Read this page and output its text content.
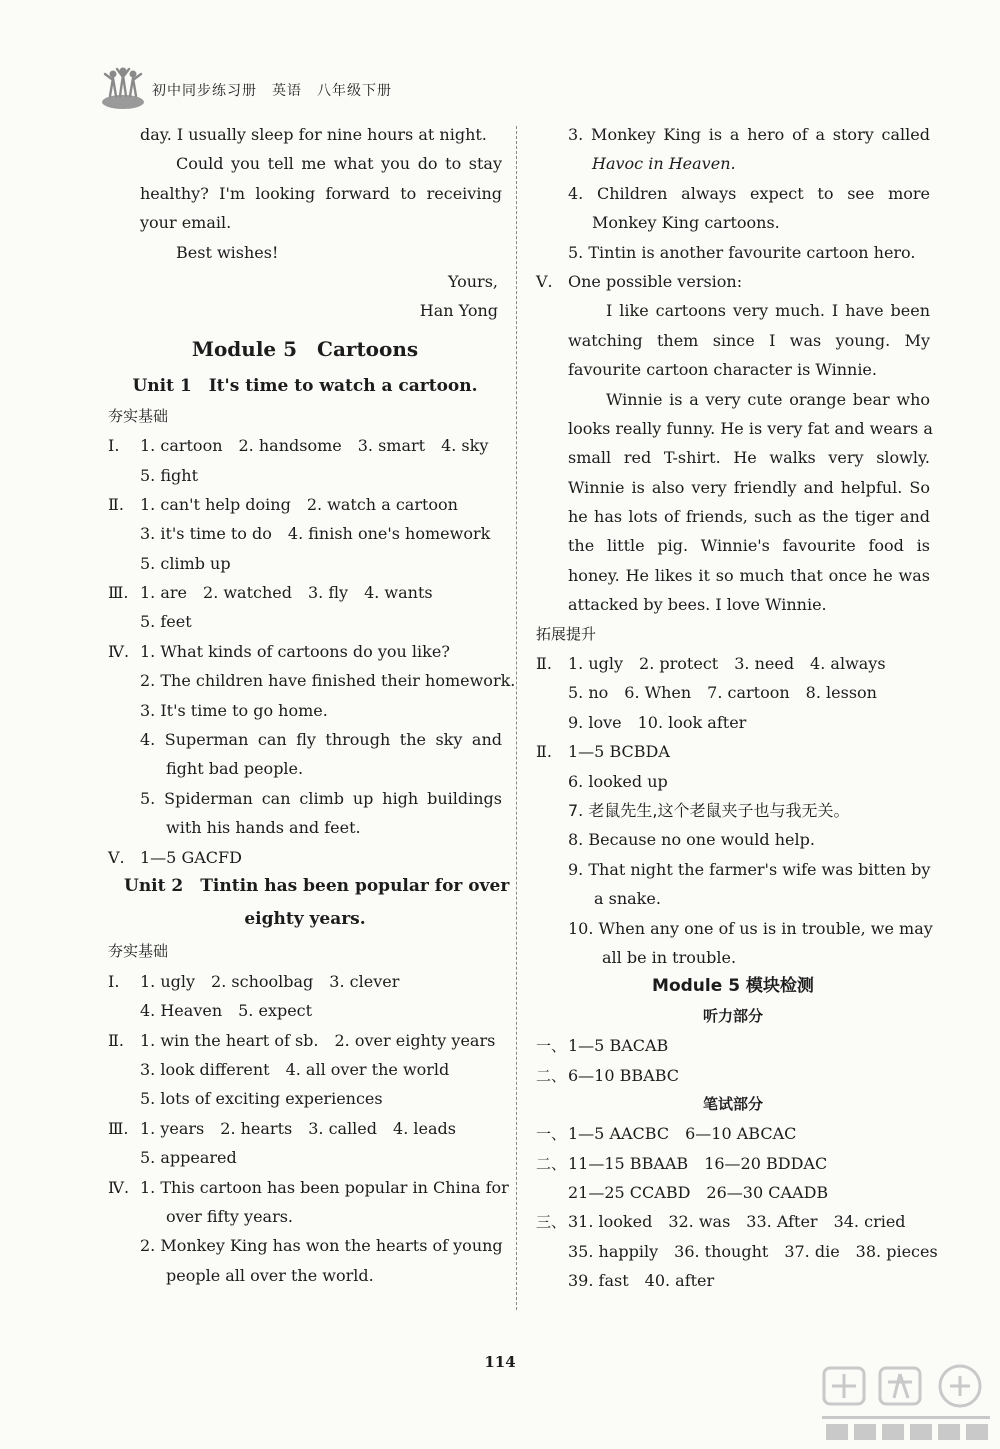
初中同步练习册　英语　八年级下册
day. I usually sleep for nine hours at night.
Could you tell me what you do to stay
healthy? I'm looking forward to receiving
your email.
Best wishes!
Yours,
Han Yong
Module 5　Cartoons
Unit 1　It's time to watch a cartoon.
夯实基础
Ⅰ. 1. cartoon　2. handsome　3. smart　4. sky
5. fight
Ⅱ. 1. can't help doing　2. watch a cartoon
3. it's time to do　4. finish one's homework
5. climb up
Ⅲ. 1. are　2. watched　3. fly　4. wants
5. feet
Ⅳ. 1. What kinds of cartoons do you like?
2. The children have finished their homework.
3. It's time to go home.
4. Superman can fly through the sky and
fight bad people.
5. Spiderman can climb up high buildings
with his hands and feet.
Ⅴ. 1—5 GACFD
Unit 2　Tintin has been popular for over
eighty years.
夯实基础
Ⅰ. 1. ugly　2. schoolbag　3. clever
4. Heaven　5. expect
Ⅱ. 1. win the heart of sb.　2. over eighty years
3. look different　4. all over the world
5. lots of exciting experiences
Ⅲ. 1. years　2. hearts　3. called　4. leads
5. appeared
Ⅳ. 1. This cartoon has been popular in China for
over fifty years.
2. Monkey King has won the hearts of young
people all over the world.
3. Monkey King is a hero of a story called
Havoc in Heaven.
4. Children always expect to see more
Monkey King cartoons.
5. Tintin is another favourite cartoon hero.
Ⅴ. One possible version:
I like cartoons very much. I have been
watching them since I was young. My
favourite cartoon character is Winnie.
Winnie is a very cute orange bear who
looks really funny. He is very fat and wears a
small red T-shirt. He walks very slowly.
Winnie is also very friendly and helpful. So
he has lots of friends, such as the tiger and
the little pig. Winnie's favourite food is
honey. He likes it so much that once he was
attacked by bees. I love Winnie.
拓展提升
Ⅱ. 1. ugly　2. protect　3. need　4. always
5. no　6. When　7. cartoon　8. lesson
9. love　10. look after
Ⅱ. 1—5 BCBDA
6. looked up
7. 老鼠先生,这个老鼠夹子也与我无关。
8. Because no one would help.
9. That night the farmer's wife was bitten by
a snake.
10. When any one of us is in trouble, we may
all be in trouble.
Module 5 模块检测
听力部分
一、 1—5 BACAB
二、 6—10 BBABC
笔试部分
一、 1—5 AACBC　6—10 ABCAC
二、 11—15 BBAAB　16—20 BDDAC
21—25 CCABD　26—30 CAADB
三、 31. looked　32. was　33. After　34. cried
35. happily　36. thought　37. die　38. pieces
39. fast　40. after
114
